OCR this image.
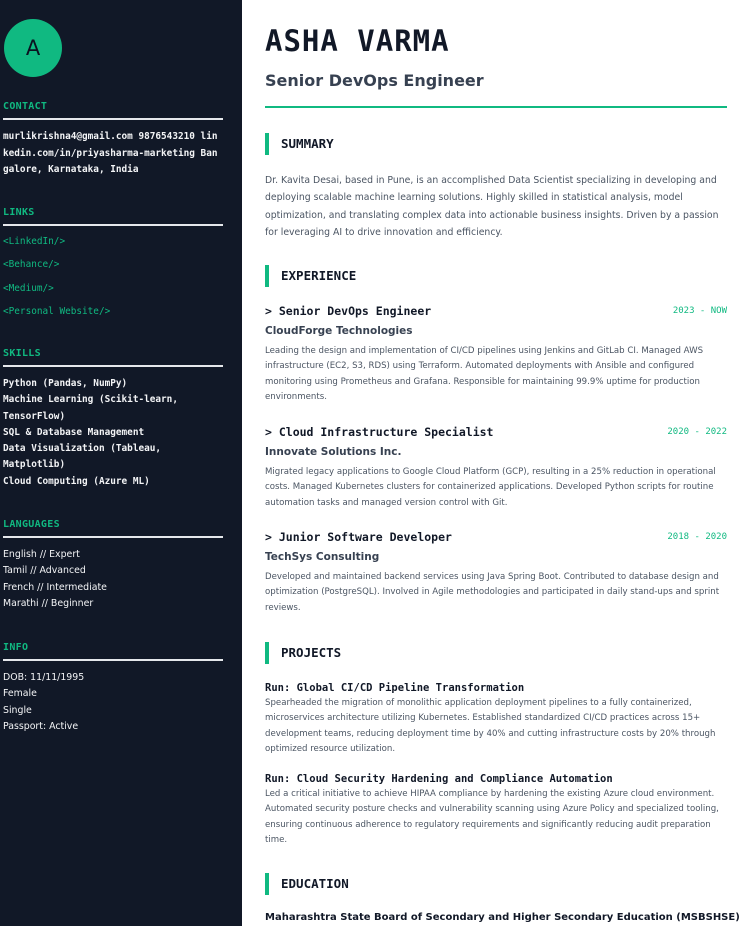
A
CONTACT
murlikrishna4@gmail.com 9876543210 linkedin.com/in/priyasharma-marketing Bangalore, Karnataka, India
LINKS
<LinkedIn/>
<Behance/>
<Medium/>
<Personal Website/>
SKILLS
Python (Pandas, NumPy)
Machine Learning (Scikit-learn, TensorFlow)
SQL & Database Management
Data Visualization (Tableau, Matplotlib)
Cloud Computing (Azure ML)
LANGUAGES
English // Expert
Tamil // Advanced
French // Intermediate
Marathi // Beginner
INFO
DOB: 11/11/1995
Female
Single
Passport: Active
ASHA VARMA
Senior DevOps Engineer
SUMMARY

Dr. Kavita Desai, based in Pune, is an accomplished Data Scientist specializing in developing and deploying scalable machine learning solutions. Highly skilled in statistical analysis, model optimization, and translating complex data into actionable business insights. Driven by a passion for leveraging AI to drive innovation and efficiency.

EXPERIENCE
> Senior DevOps Engineer	2023 - NOW
CloudForge Technologies
Leading the design and implementation of CI/CD pipelines using Jenkins and GitLab CI. Managed AWS infrastructure (EC2, S3, RDS) using Terraform. Automated deployments with Ansible and configured monitoring using Prometheus and Grafana. Responsible for maintaining 99.9% uptime for production environments.
> Cloud Infrastructure Specialist	2020 - 2022
Innovate Solutions Inc.
Migrated legacy applications to Google Cloud Platform (GCP), resulting in a 25% reduction in operational costs. Managed Kubernetes clusters for containerized applications. Developed Python scripts for routine automation tasks and managed version control with Git.
> Junior Software Developer	2018 - 2020
TechSys Consulting
Developed and maintained backend services using Java Spring Boot. Contributed to database design and optimization (PostgreSQL). Involved in Agile methodologies and participated in daily stand-ups and sprint reviews.
PROJECTS
Run: Global CI/CD Pipeline Transformation
Spearheaded the migration of monolithic application deployment pipelines to a fully containerized, microservices architecture utilizing Kubernetes. Established standardized CI/CD practices across 15+ development teams, reducing deployment time by 40% and cutting infrastructure costs by 20% through optimized resource utilization.
Run: Cloud Security Hardening and Compliance Automation
Led a critical initiative to achieve HIPAA compliance by hardening the existing Azure cloud environment. Automated security posture checks and vulnerability scanning using Azure Policy and specialized tooling, ensuring continuous adherence to regulatory requirements and significantly reducing audit preparation time.
EDUCATION
Maharashtra State Board of Secondary and Higher Secondary Education (MSBSHSE)
